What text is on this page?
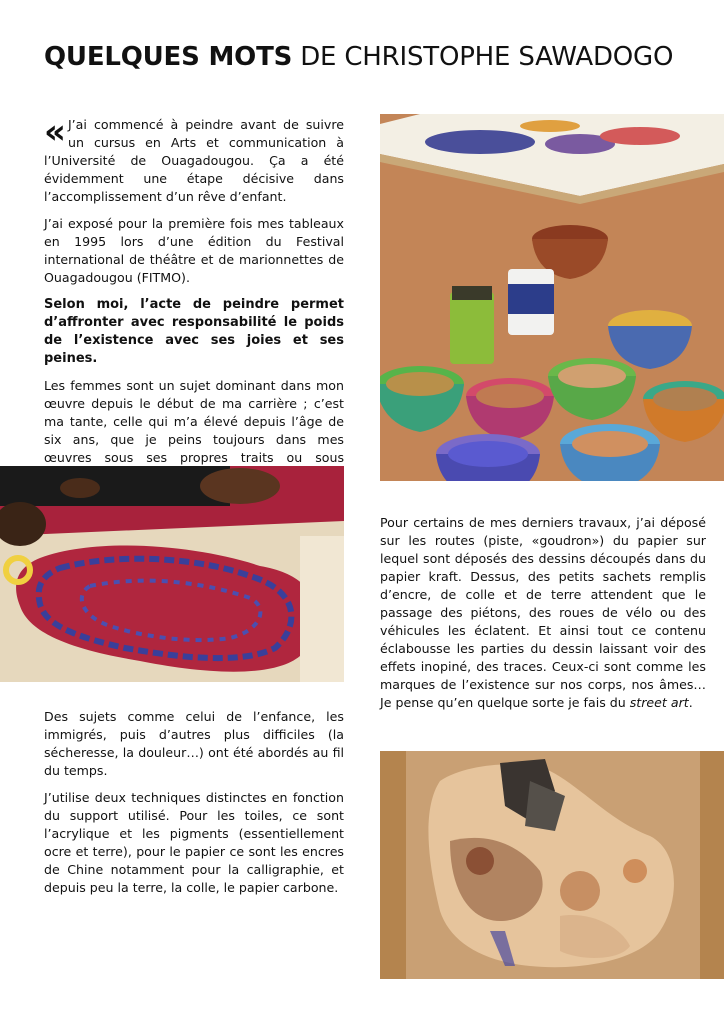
QUELQUES MOTS DE CHRISTOPHE SAWADOGO

« J’ai commencé à peindre avant de suivre un cursus en Arts et communication à l’Université de Ouagadougou. Ça a été évidemment une étape décisive dans l’accomplissement d’un rêve d’enfant.

J’ai exposé pour la première fois mes tableaux en 1995 lors d’une édition du Festival international de théâtre et de marionnettes de Ouagadougou (FITMO).

Selon moi, l’acte de peindre permet d’affronter avec responsabilité le poids de l’existence avec ses joies et ses peines.

Les femmes sont un sujet dominant dans mon œuvre depuis le début de ma carrière ; c’est ma tante, celle qui m’a élevé depuis l’âge de six ans, que je peins toujours dans mes œuvres sous ses propres traits ou sous

Des sujets comme celui de l’enfance, les immigrés, puis d’autres plus difficiles (la sécheresse, la douleur…) ont été abordés au fil du temps.

J’utilise deux techniques distinctes en fonction du support utilisé. Pour les toiles, ce sont l’acrylique et les pigments (essentiellement ocre et terre), pour le papier ce sont les encres de Chine notamment pour la calligraphie, et depuis peu la terre, la colle, le papier carbone.

Pour certains de mes derniers travaux, j’ai déposé sur les routes (piste, «goudron») du papier sur lequel sont déposés des dessins découpés dans du papier kraft. Dessus, des petits sachets remplis d’encre, de colle et de terre attendent que le passage des piétons, des roues de vélo ou des véhicules les éclatent. Et ainsi tout ce contenu éclabousse les parties du dessin laissant voir des effets inopiné, des traces. Ceux-ci sont comme les marques de l’existence sur nos corps, nos âmes… Je pense qu’en quelque sorte je fais du street art.
